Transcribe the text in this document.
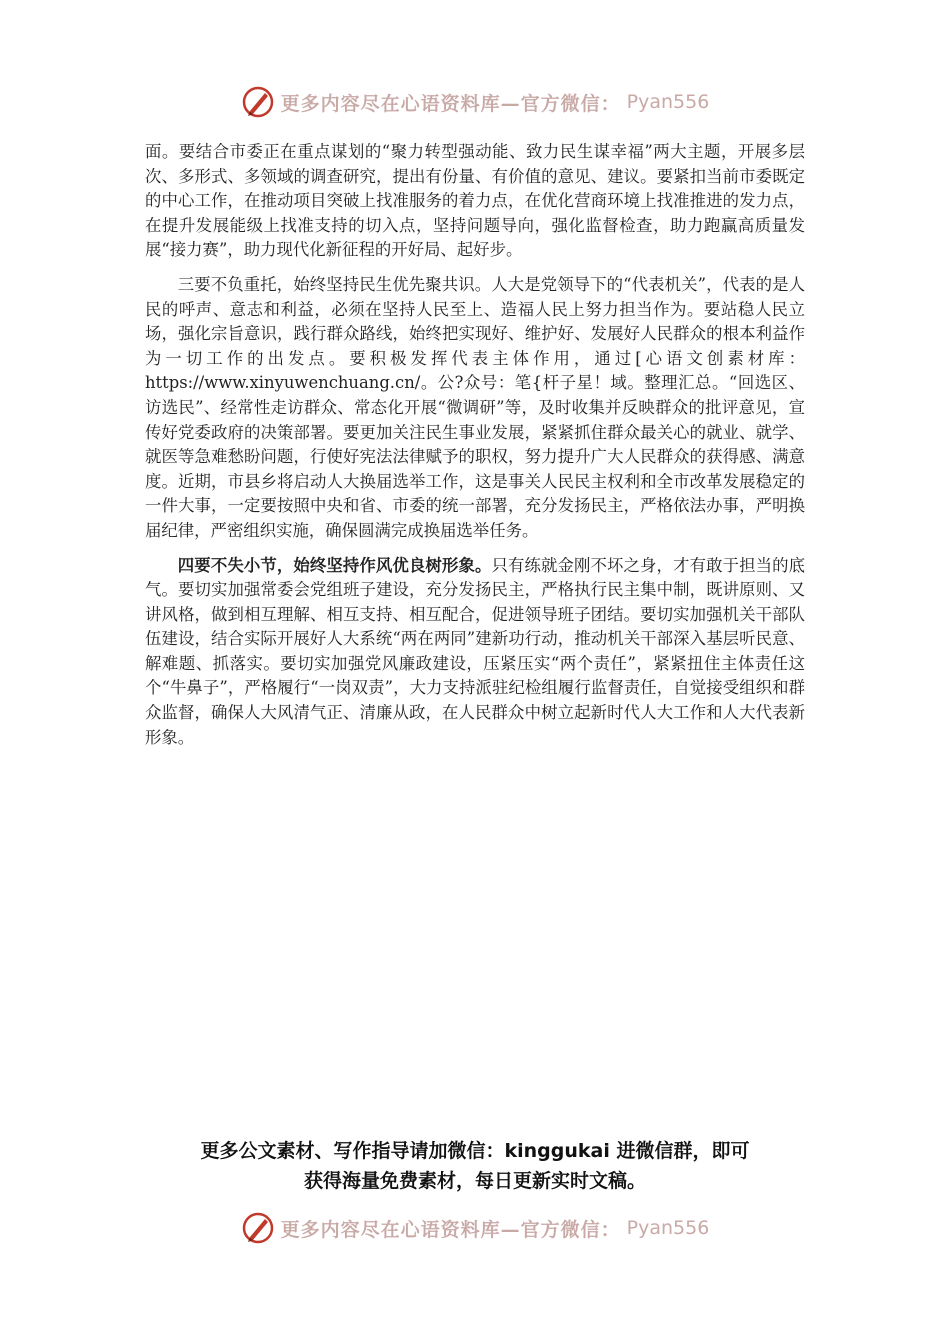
更多内容尽在心语资料库—官方微信： Pyan556

面。要结合市委正在重点谋划的“聚力转型强动能、致力民生谋幸福”两大主题，开展多层次、多形式、多领域的调查研究，提出有份量、有价值的意见、建议。要紧扣当前市委既定的中心工作，在推动项目突破上找准服务的着力点，在优化营商环境上找准推进的发力点，在提升发展能级上找准支持的切入点，坚持问题导向，强化监督检查，助力跑赢高质量发展“接力赛”，助力现代化新征程的开好局、起好步。

三要不负重托，始终坚持民生优先聚共识。人大是党领导下的“代表机关”，代表的是人民的呼声、意志和利益，必须在坚持人民至上、造福人民上努力担当作为。要站稳人民立场，强化宗旨意识，践行群众路线，始终把实现好、维护好、发展好人民群众的根本利益作为一切工作的出发点。要积极发挥代表主体作用，通过[心语文创素材库：https://www.xinyuwenchuang.cn/。公?众号：笔{杆子星！域。整理汇总。“回选区、访选民”、经常性走访群众、常态化开展“微调研”等，及时收集并反映群众的批评意见，宣传好党委政府的决策部署。要更加关注民生事业发展，紧紧抓住群众最关心的就业、就学、就医等急难愁盼问题，行使好宪法法律赋予的职权，努力提升广大人民群众的获得感、满意度。近期，市县乡将启动人大换届选举工作，这是事关人民民主权利和全市改革发展稳定的一件大事，一定要按照中央和省、市委的统一部署，充分发扬民主，严格依法办事，严明换届纪律，严密组织实施，确保圆满完成换届选举任务。

四要不失小节，始终坚持作风优良树形象。只有练就金刚不坏之身，才有敢于担当的底气。要切实加强常委会党组班子建设，充分发扬民主，严格执行民主集中制，既讲原则、又讲风格，做到相互理解、相互支持、相互配合，促进领导班子团结。要切实加强机关干部队伍建设，结合实际开展好人大系统“两在两同”建新功行动，推动机关干部深入基层听民意、解难题、抓落实。要切实加强党风廉政建设，压紧压实“两个责任”，紧紧扭住主体责任这个“牛鼻子”，严格履行“一岗双责”，大力支持派驻纪检组履行监督责任，自觉接受组织和群众监督，确保人大风清气正、清廉从政，在人民群众中树立起新时代人大工作和人大代表新形象。

更多公文素材、写作指导请加微信：kinggukai 进微信群，即可
获得海量免费素材，每日更新实时文稿。
更多内容尽在心语资料库—官方微信： Pyan556
